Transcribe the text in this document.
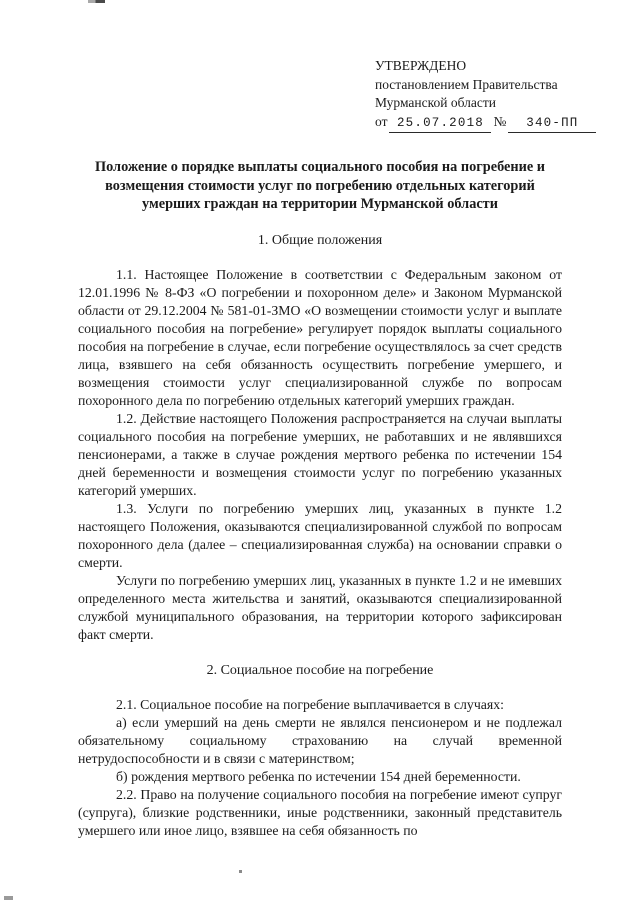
УТВЕРЖДЕНО
постановлением Правительства
Мурманской области
от 25.07.2018 № 340-ПП
Положение о порядке выплаты социального пособия на погребение и возмещения стоимости услуг по погребению отдельных категорий умерших граждан на территории Мурманской области
1. Общие положения

1.1. Настоящее Положение в соответствии с Федеральным законом от 12.01.1996 № 8-ФЗ «О погребении и похоронном деле» и Законом Мурманской области от 29.12.2004 № 581-01-ЗМО «О возмещении стоимости услуг и выплате социального пособия на погребение» регулирует порядок выплаты социального пособия на погребение в случае, если погребение осуществлялось за счет средств лица, взявшего на себя обязанность осуществить погребение умершего, и возмещения стоимости услуг специализированной службе по вопросам похоронного дела по погребению отдельных категорий умерших граждан.

1.2. Действие настоящего Положения распространяется на случаи выплаты социального пособия на погребение умерших, не работавших и не являвшихся пенсионерами, а также в случае рождения мертвого ребенка по истечении 154 дней беременности и возмещения стоимости услуг по погребению указанных категорий умерших.

1.3. Услуги по погребению умерших лиц, указанных в пункте 1.2 настоящего Положения, оказываются специализированной службой по вопросам похоронного дела (далее – специализированная служба) на основании справки о смерти.

Услуги по погребению умерших лиц, указанных в пункте 1.2 и не имевших определенного места жительства и занятий, оказываются специализированной службой муниципального образования, на территории которого зафиксирован факт смерти.

2. Социальное пособие на погребение

2.1. Социальное пособие на погребение выплачивается в случаях:

а) если умерший на день смерти не являлся пенсионером и не подлежал обязательному социальному страхованию на случай временной нетрудоспособности и в связи с материнством;

б) рождения мертвого ребенка по истечении 154 дней беременности.

2.2. Право на получение социального пособия на погребение имеют супруг (супруга), близкие родственники, иные родственники, законный представитель умершего или иное лицо, взявшее на себя обязанность по
